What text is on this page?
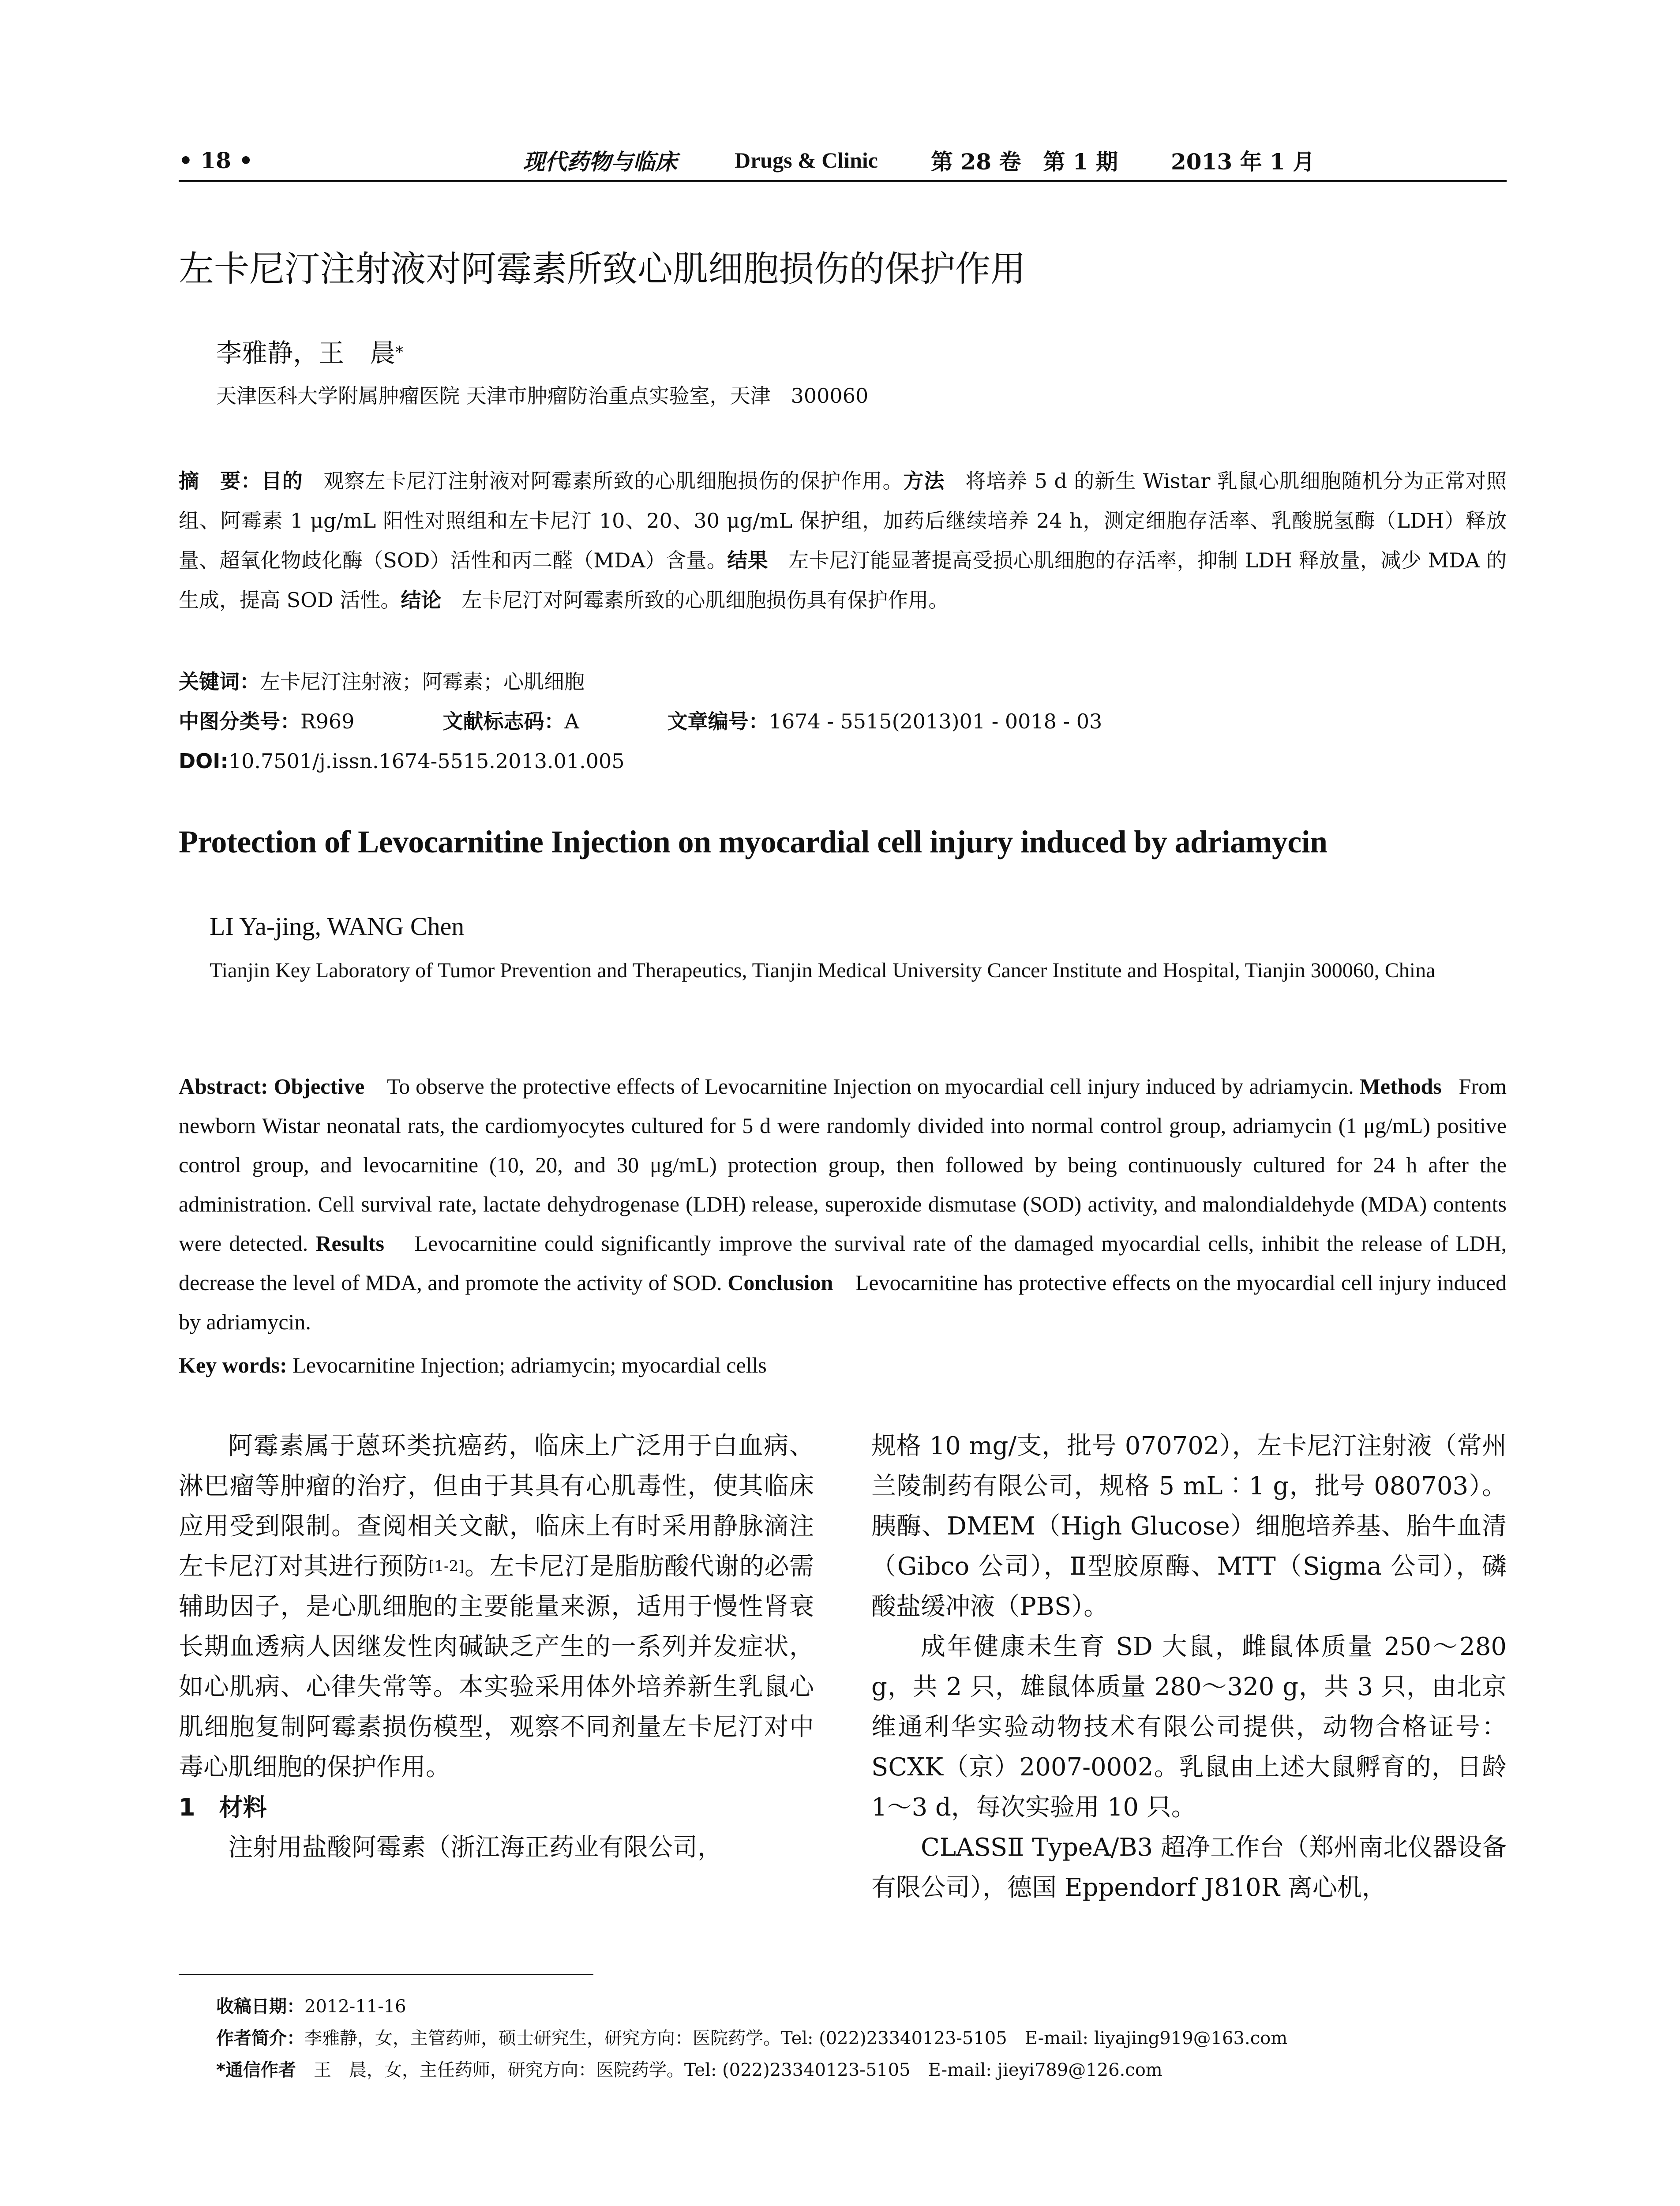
• 18 •	现代药物与临床	Drugs & Clinic 第 28 卷　第 1 期 2013 年 1 月
左卡尼汀注射液对阿霉素所致心肌细胞损伤的保护作用
李雅静，王　晨*
天津医科大学附属肿瘤医院 天津市肿瘤防治重点实验室，天津　300060
摘　要：目的　观察左卡尼汀注射液对阿霉素所致的心肌细胞损伤的保护作用。方法　将培养 5 d 的新生 Wistar 乳鼠心肌细胞随机分为正常对照组、阿霉素 1 μg/mL 阳性对照组和左卡尼汀 10、20、30 μg/mL 保护组，加药后继续培养 24 h，测定细胞存活率、乳酸脱氢酶（LDH）释放量、超氧化物歧化酶（SOD）活性和丙二醛（MDA）含量。结果　左卡尼汀能显著提高受损心肌细胞的存活率，抑制 LDH 释放量，减少 MDA 的生成，提高 SOD 活性。结论　左卡尼汀对阿霉素所致的心肌细胞损伤具有保护作用。
关键词：左卡尼汀注射液；阿霉素；心肌细胞
中图分类号：R969	文献标志码：A	文章编号：1674 - 5515(2013)01 - 0018 - 03
DOI:10.7501/j.issn.1674-5515.2013.01.005
Protection of Levocarnitine Injection on myocardial cell injury induced by adriamycin
LI Ya-jing, WANG Chen
Tianjin Key Laboratory of Tumor Prevention and Therapeutics, Tianjin Medical University Cancer Institute and Hospital, Tianjin 300060, China
Abstract: Objective To observe the protective effects of Levocarnitine Injection on myocardial cell injury induced by adriamycin. Methods From newborn Wistar neonatal rats, the cardiomyocytes cultured for 5 d were randomly divided into normal control group, adriamycin (1 μg/mL) positive control group, and levocarnitine (10, 20, and 30 μg/mL) protection group, then followed by being continuously cultured for 24 h after the administration. Cell survival rate, lactate dehydrogenase (LDH) release, superoxide dismutase (SOD) activity, and malondialdehyde (MDA) contents were detected. Results Levocarnitine could significantly improve the survival rate of the damaged myocardial cells, inhibit the release of LDH, decrease the level of MDA, and promote the activity of SOD. Conclusion Levocarnitine has protective effects on the myocardial cell injury induced by adriamycin.
Key words: Levocarnitine Injection; adriamycin; myocardial cells

阿霉素属于蒽环类抗癌药，临床上广泛用于白血病、淋巴瘤等肿瘤的治疗，但由于其具有心肌毒性，使其临床应用受到限制。查阅相关文献，临床上有时采用静脉滴注左卡尼汀对其进行预防[1-2]。左卡尼汀是脂肪酸代谢的必需辅助因子，是心肌细胞的主要能量来源，适用于慢性肾衰长期血透病人因继发性肉碱缺乏产生的一系列并发症状，如心肌病、心律失常等。本实验采用体外培养新生乳鼠心肌细胞复制阿霉素损伤模型，观察不同剂量左卡尼汀对中毒心肌细胞的保护作用。

1　材料

注射用盐酸阿霉素（浙江海正药业有限公司，

规格 10 mg/支，批号 070702），左卡尼汀注射液（常州兰陵制药有限公司，规格 5 mL︰1 g，批号 080703）。胰酶、DMEM（High Glucose）细胞培养基、胎牛血清（Gibco 公司），Ⅱ型胶原酶、MTT（Sigma 公司），磷酸盐缓冲液（PBS）。

成年健康未生育 SD 大鼠，雌鼠体质量 250～280 g，共 2 只，雄鼠体质量 280～320 g，共 3 只，由北京维通利华实验动物技术有限公司提供，动物合格证号：SCXK（京）2007-0002。乳鼠由上述大鼠孵育的，日龄 1～3 d，每次实验用 10 只。

CLASSⅡ TypeA/B3 超净工作台（郑州南北仪器设备有限公司），德国 Eppendorf J810R 离心机，

收稿日期：2012-11-16
作者简介：李雅静，女，主管药师，硕士研究生，研究方向：医院药学。Tel: (022)23340123-5105　E-mail: liyajing919@163.com
*通信作者　王　晨，女，主任药师，研究方向：医院药学。Tel: (022)23340123-5105　E-mail: jieyi789@126.com
